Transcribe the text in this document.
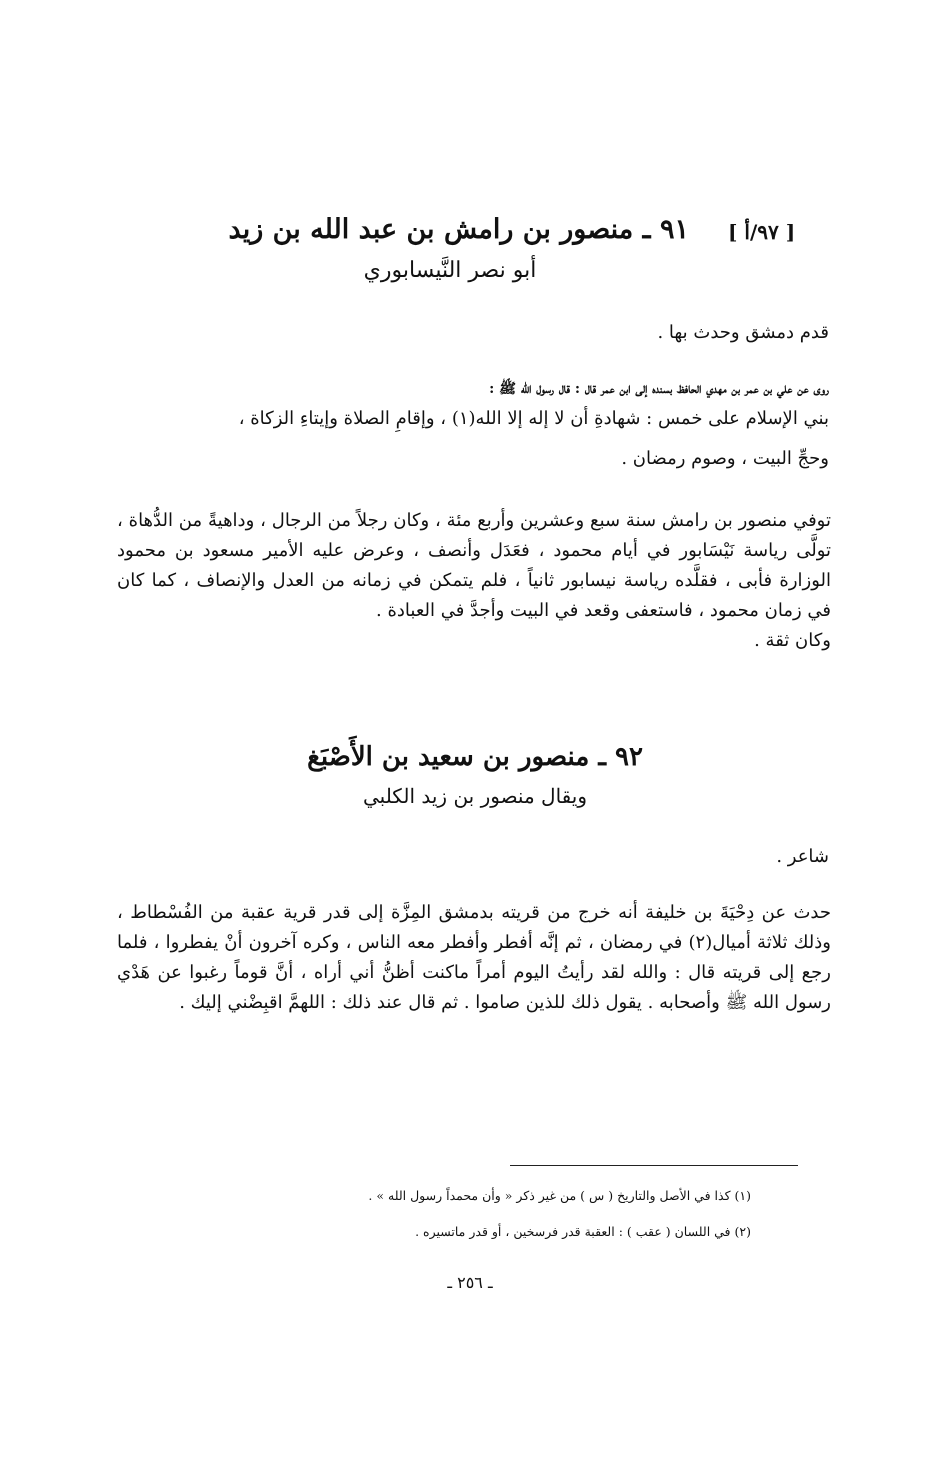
[ ٩٧/أ ]
٩١ ـ منصور بن رامش بن عبد الله بن زيد
أبو نصر النَّيسابوري
قدم دمشق وحدث بها .
روى عن علي بن عمر بن مهدي الحافظ بسنده إلى ابن عمر قال : قال رسول الله ﷺ :
بني الإسلام على خمس : شهادةِ أن لا إله إلا الله(١) ، وإقامِ الصلاة وإيتاءِ الزكاة ،
وحجِّ البيت ، وصوم رمضان .

توفي منصور بن رامش سنة سبع وعشرين وأربع مئة ، وكان رجلاً من الرجال ، وداهيةً من الدُّهاة ، تولَّى رياسة نَيْسَابور في أيام محمود ، فعَدَل وأنصف ، وعرض عليه الأمير مسعود بن محمود الوزارة فأبى ، فقلَّده رياسة نيسابور ثانياً ، فلم يتمكن في زمانه من العدل والإنصاف ، كما كان في زمان محمود ، فاستعفى وقعد في البيت وأجدَّ في العبادة .

وكان ثقة .

٩٢ ـ منصور بن سعيد بن الأَصْبَغ
ويقال منصور بن زيد الكلبي
شاعر .

حدث عن دِحْيَةَ بن خليفة أنه خرج من قريته بدمشق المِزَّة إلى قدر قرية عقبة من الفُسْطاط ، وذلك ثلاثة أميال(٢) في رمضان ، ثم إنَّه أفطر وأفطر معه الناس ، وكره آخرون أنْ يفطروا ، فلما رجع إلى قريته قال : والله لقد رأيتُ اليوم أمراً ماكنت أظنُّ أني أراه ، أنَّ قوماً رغبوا عن هَدْي رسول الله ﷺ وأصحابه . يقول ذلك للذين صاموا . ثم قال عند ذلك : اللهمَّ اقبِضْني إليك .

(١) كذا في الأصل والتاريخ ( س ) من غير ذكر « وأن محمداً رسول الله » .
(٢) في اللسان ( عقب ) : العقبة قدر فرسخين ، أو قدر ماتسيره .
ـ ٢٥٦ ـ
